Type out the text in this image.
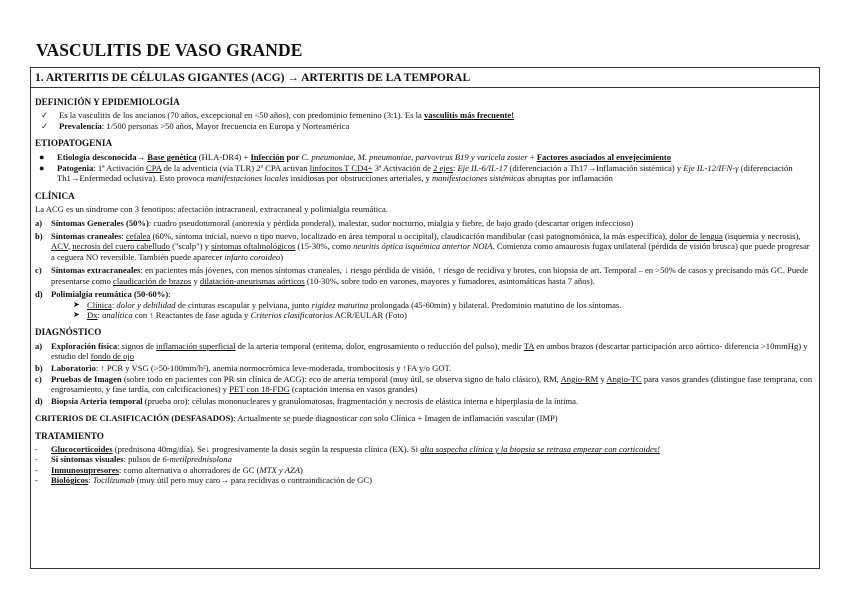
VASCULITIS DE VASO GRANDE
1. ARTERITIS DE CÉLULAS GIGANTES (ACG) → ARTERITIS DE LA TEMPORAL

DEFINICIÓN Y EPIDEMIOLOGÍA

✓ Es la vasculitis de los ancianos (70 años, excepcional en <50 años), con predominio femenino (3:1). Es la vasculitis más frecuente!
✓ Prevalencia: 1/500 personas >50 años, Mayor frecuencia en Europa y Norteamérica

ETIOPATOGENIA

● Etiología desconocida→ Base genética (HLA-DR4) + Infección por C. pneumoniae, M. pneumoniae, parvovirus B19 y varicela zoster + Factores asociados al envejecimiento
● Patogenia: 1ª Activación CPA de la adventicia (vía TLR) 2ª CPA activan linfocitos T CD4+ 3ª Activación de 2 ejes: Eje IL-6/IL-17 (diferenciación a Th17→Inflamación sistémica) y Eje IL-12/IFN-γ (diferenciación Th1→Enfermedad oclusiva). Esto provoca manifestaciones locales insidiosas por obstrucciones arteriales, y manifestaciones sistémicas abruptas por inflamación

CLÍNICA

La ACG es un síndrome con 3 fenotipos: afectación intracraneal, extracraneal y polimialgia reumática.

a) Síntomas Generales (50%): cuadro pseudotumoral (anorexia y pérdida ponderal), malestar, sudor nocturno, mialgia y fiebre, de bajo grado (descartar origen infeccioso)
b) Síntomas craneales: cefalea (60%, síntoma inicial, nuevo o tipo nuevo, localizado en área temporal u occipital), claudicación mandibular (casi patognomónica, la más específica), dolor de lengua (isquemia y necrosis), ACV, necrosis del cuero cabelludo ("scalp") y síntomas oftalmológicos (15-30%, como neuritis óptica isquémica anterior NOIA. Comienza como amaurosis fugax unilateral (pérdida de visión brusca) que puede progresar a ceguera NO reversible. También puede aparecer infarto coroideo)
c) Síntomas extracraneales: en pacientes más jóvenes, con menos síntomas craneales, ↓ riesgo pérdida de visión, ↑ riesgo de recidiva y brotes, con biopsia de art. Temporal – en >50% de casos y precisando más GC. Puede presentarse como claudicación de brazos y dilatación-aneurismas aórticos (10-30%, sobre todo en varones, mayores y fumadores, asintomáticas hasta 7 años).
d) Polimialgia reumática (50-60%):
➤ Clínica: dolor y debilidad de cinturas escapular y pelviana, junto rigidez matutina prolongada (45-60min) y bilateral. Predominio matutino de los síntomas.
➤ Dx: analítica con ↑ Reactantes de fase aguda y Criterios clasificatorios ACR/EULAR (Foto)

DIAGNÓSTICO

a) Exploración física: signos de inflamación superficial de la arteria temporal (eritema, dolor, engrosamiento o reducción del pulso), medir TA en ambos brazos (descartar participación arco aórtico- diferencia >10mmHg) y estudio del fondo de ojo
b) Laboratorio: ↑ PCR y VSG (>50-100mm/h²), anemia normocrómica leve-moderada, trombocitosis y ↑FA y/o GOT.
c) Pruebas de Imagen (sobre todo en pacientes con PR sin clínica de ACG): eco de arteria temporal (muy útil, se observa signo de halo clásico), RM, Angio-RM y Angio-TC para vasos grandes (distingue fase temprana, con engrosamiento, y fase tardía, con calcificaciones) y PET con 18-FDG (captación intensa en vasos grandes)
d) Biopsia Arteria temporal (prueba oro): células mononucleares y granulomatosas, fragmentación y necrosis de elástica interna e hiperplasia de la íntima.

CRITERIOS DE CLASIFICACIÓN (DESFASADOS): Actualmente se puede diagnosticar con solo Clínica + Imagen de inflamación vascular (IMP)

TRATAMIENTO

- Glucocorticoides (prednisona 40mg/día). Se↓ progresivamente la dosis según la respuesta clínica (EX). Si alta sospecha clínica y la biopsia se retrasa empezar con corticoides!
- Si síntomas visuales: pulsos de 6-metilprednisolona
- Inmunosupresores: como alternativa o ahorradores de GC (MTX y AZA)
- Biológicos: Tocilizumab (muy útil pero muy caro→ para recidivas o contraindicación de GC)
